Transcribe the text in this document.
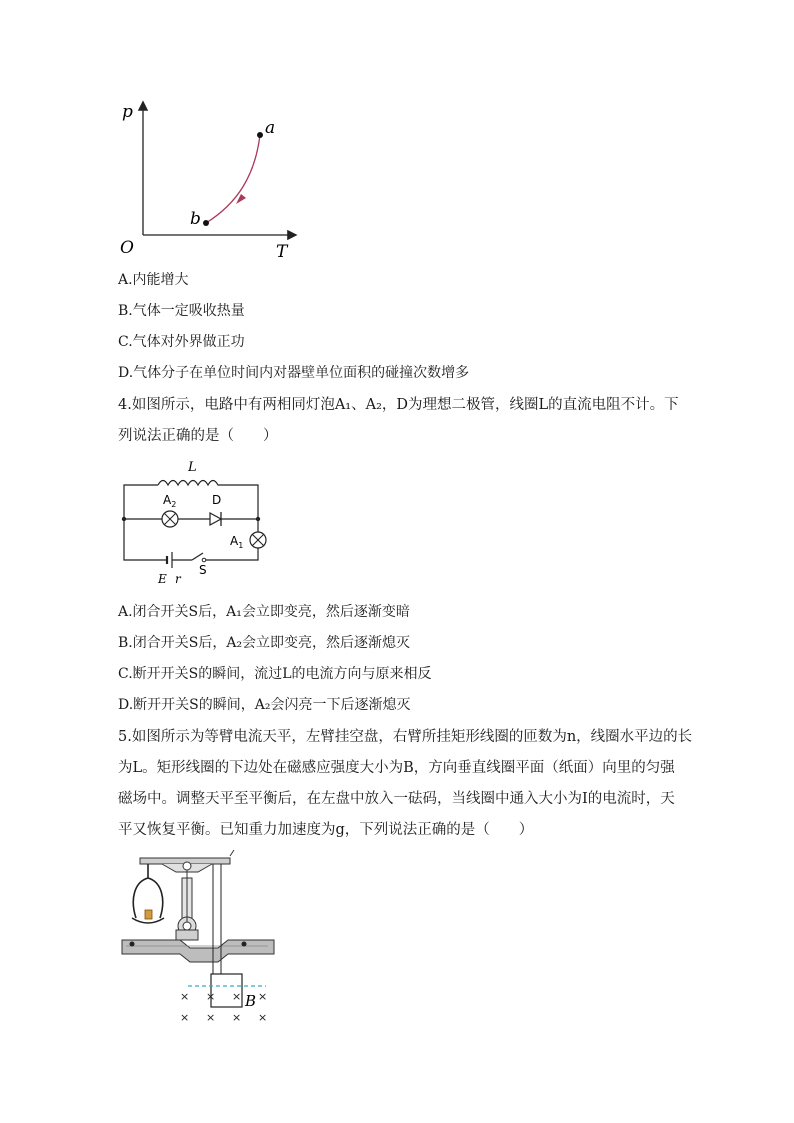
p
T
O
a
b
A.内能增大
B.气体一定吸收热量
C.气体对外界做正功
D.气体分子在单位时间内对器壁单位面积的碰撞次数增多
4.如图所示，电路中有两相同灯泡A₁、A₂，D为理想二极管，线圈L的直流电阻不计。下
列说法正确的是（　　）
L
$A_2$	D
$A_1$
S
E r
A.闭合开关S后，A₁会立即变亮，然后逐渐变暗
B.闭合开关S后，A₂会立即变亮，然后逐渐熄灭
C.断开开关S的瞬间，流过L的电流方向与原来相反
D.断开开关S的瞬间，A₂会闪亮一下后逐渐熄灭
5.如图所示为等臂电流天平，左臂挂空盘，右臂所挂矩形线圈的匝数为n，线圈水平边的长
为L。矩形线圈的下边处在磁感应强度大小为B，方向垂直线圈平面（纸面）向里的匀强
磁场中。调整天平至平衡后，在左盘中放入一砝码，当线圈中通入大小为I的电流时，天
平又恢复平衡。已知重力加速度为g，下列说法正确的是（　　）
× × × ×
× × × ×
B
